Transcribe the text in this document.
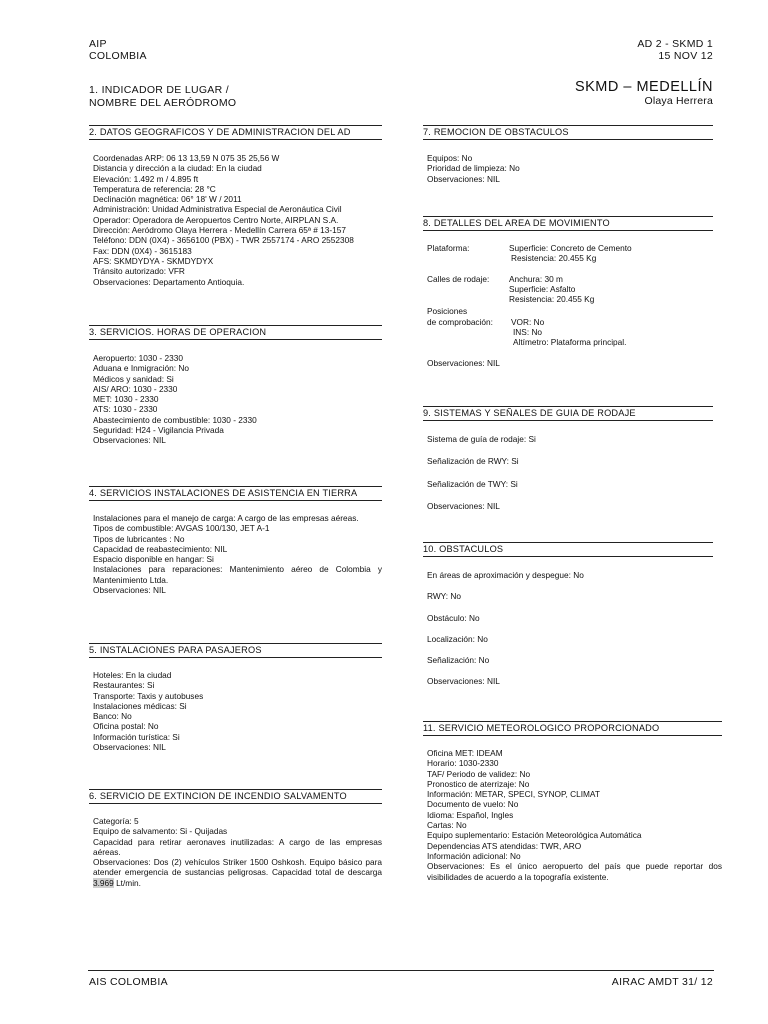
AIP
COLOMBIA
AD 2 - SKMD 1
15 NOV 12
1. INDICADOR DE LUGAR /
NOMBRE DEL AERÓDROMO
SKMD – MEDELLÍN
Olaya Herrera
2. DATOS GEOGRAFICOS Y DE ADMINISTRACION DEL AD
Coordenadas ARP: 06 13 13,59 N 075 35 25,56 W
Distancia y dirección a la ciudad: En la ciudad
Elevación: 1.492 m / 4.895 ft
Temperatura de referencia: 28 °C
Declinación magnética: 06° 18' W / 2011
Administración: Unidad Administrativa Especial de Aeronáutica Civil
Operador: Operadora de Aeropuertos Centro Norte, AIRPLAN S.A.
Dirección: Aeródromo Olaya Herrera - Medellín Carrera 65ª # 13-157
Teléfono: DDN (0X4) - 3656100 (PBX) - TWR 2557174 - ARO 2552308
Fax: DDN (0X4) - 3615183
AFS: SKMDYDYA - SKMDYDYX
Tránsito autorizado: VFR
Observaciones: Departamento Antioquia.
3. SERVICIOS. HORAS DE OPERACION
Aeropuerto: 1030 - 2330
Aduana e Inmigración: No
Médicos y sanidad: Si
AIS/ ARO: 1030 - 2330
MET: 1030 - 2330
ATS: 1030 - 2330
Abastecimiento de combustible: 1030 - 2330
Seguridad: H24 - Vigilancia Privada
Observaciones: NIL
4. SERVICIOS INSTALACIONES DE ASISTENCIA EN TIERRA
Instalaciones para el manejo de carga: A cargo de las empresas aéreas.
Tipos de combustible: AVGAS 100/130, JET A-1
Tipos de lubricantes : No
Capacidad de reabastecimiento: NIL
Espacio disponible en hangar: Si
Instalaciones para reparaciones: Mantenimiento aéreo de Colombia y Mantenimiento Ltda.
Observaciones: NIL
5. INSTALACIONES PARA PASAJEROS
Hoteles: En la ciudad
Restaurantes: Si
Transporte: Taxis y autobuses
Instalaciones médicas: Si
Banco: No
Oficina postal: No
Información turística: Si
Observaciones: NIL
6. SERVICIO DE EXTINCION DE INCENDIO SALVAMENTO
Categoría: 5
Equipo de salvamento: Si - Quijadas
Capacidad para retirar aeronaves inutilizadas: A cargo de las empresas aéreas.
Observaciones: Dos (2) vehículos Striker 1500 Oshkosh. Equipo básico para atender emergencia de sustancias peligrosas. Capacidad total de descarga 3.969 Lt/min.
7. REMOCION DE OBSTACULOS
Equipos: No
Prioridad de limpieza: No
Observaciones: NIL
8. DETALLES DEL AREA DE MOVIMIENTO
Plataforma:	Superficie: Concreto de Cemento
Resistencia: 20.455 Kg
Calles de rodaje:	Anchura: 30 m
Superficie: Asfalto
Resistencia: 20.455 Kg
Posiciones
de comprobación:	VOR: No
INS: No
Altímetro: Plataforma principal.
Observaciones: NIL
9. SISTEMAS Y SEÑALES DE GUIA DE RODAJE
Sistema de guía de rodaje: Si
Señalización de RWY: Si
Señalización de TWY: Si
Observaciones: NIL
10. OBSTACULOS
En áreas de aproximación y despegue: No
RWY: No
Obstáculo: No
Localización: No
Señalización: No
Observaciones: NIL
11. SERVICIO METEOROLOGICO PROPORCIONADO
Oficina MET: IDEAM
Horario: 1030-2330
TAF/ Periodo de validez: No
Pronostico de aterrizaje: No
Información: METAR, SPECI, SYNOP, CLIMAT
Documento de vuelo: No
Idioma: Español, Ingles
Cartas: No
Equipo suplementario: Estación Meteorológica Automática
Dependencias ATS atendidas: TWR, ARO
Información adicional: No
Observaciones: Es el único aeropuerto del país que puede reportar dos visibilidades de acuerdo a la topografía existente.
AIS COLOMBIA	AIRAC AMDT 31/ 12
